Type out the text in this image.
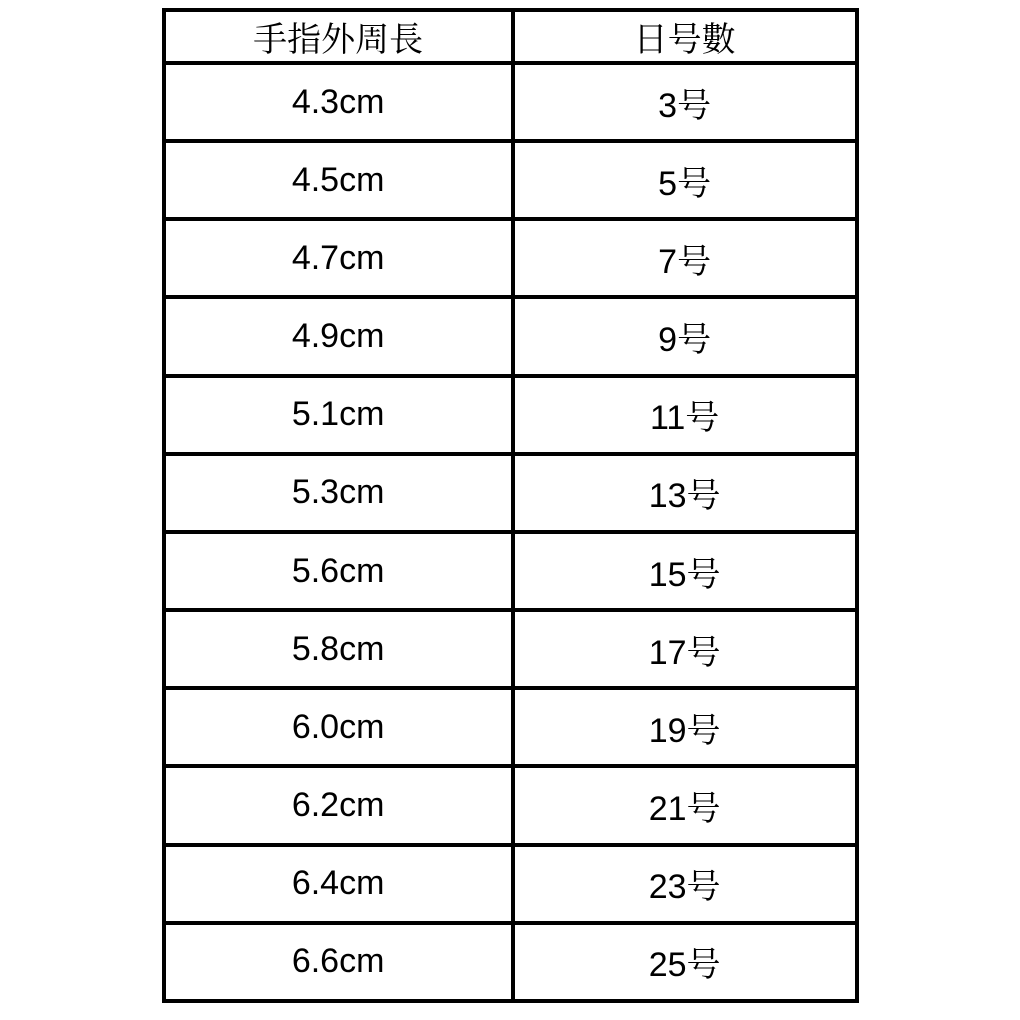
手指外周長	日号數
4.3cm	3号
4.5cm	5号
4.7cm	7号
4.9cm	9号
5.1cm	11号
5.3cm	13号
5.6cm	15号
5.8cm	17号
6.0cm	19号
6.2cm	21号
6.4cm	23号
6.6cm	25号
